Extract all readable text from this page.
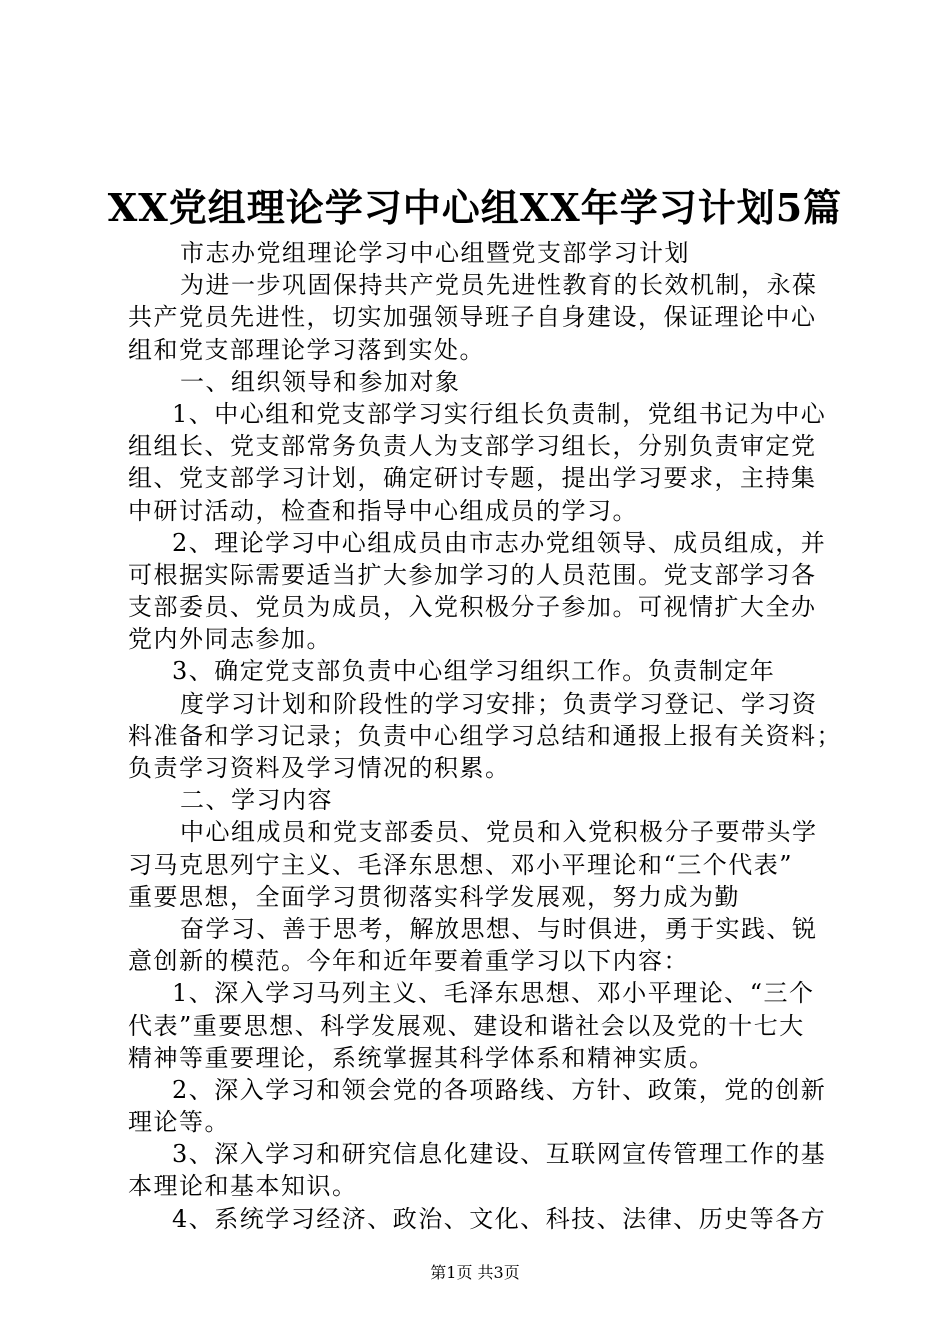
XX党组理论学习中心组XX年学习计划5篇
市志办党组理论学习中心组暨党支部学习计划
为进一步巩固保持共产党员先进性教育的长效机制，永葆
共产党员先进性，切实加强领导班子自身建设，保证理论中心
组和党支部理论学习落到实处。
一、组织领导和参加对象
1、中心组和党支部学习实行组长负责制，党组书记为中心
组组长、党支部常务负责人为支部学习组长，分别负责审定党
组、党支部学习计划，确定研讨专题，提出学习要求，主持集
中研讨活动，检查和指导中心组成员的学习。
2、理论学习中心组成员由市志办党组领导、成员组成，并
可根据实际需要适当扩大参加学习的人员范围。党支部学习各
支部委员、党员为成员，入党积极分子参加。可视情扩大全办
党内外同志参加。
3、确定党支部负责中心组学习组织工作。负责制定年
度学习计划和阶段性的学习安排；负责学习登记、学习资
料准备和学习记录；负责中心组学习总结和通报上报有关资料；
负责学习资料及学习情况的积累。
二、学习内容
中心组成员和党支部委员、党员和入党积极分子要带头学
习马克思列宁主义、毛泽东思想、邓小平理论和“三个代表”
重要思想，全面学习贯彻落实科学发展观，努力成为勤
奋学习、善于思考，解放思想、与时俱进，勇于实践、锐
意创新的模范。今年和近年要着重学习以下内容：
1、深入学习马列主义、毛泽东思想、邓小平理论、“三个
代表”重要思想、科学发展观、建设和谐社会以及党的十七大
精神等重要理论，系统掌握其科学体系和精神实质。
2、深入学习和领会党的各项路线、方针、政策，党的创新
理论等。
3、深入学习和研究信息化建设、互联网宣传管理工作的基
本理论和基本知识。
4、系统学习经济、政治、文化、科技、法律、历史等各方
第1页 共3页
